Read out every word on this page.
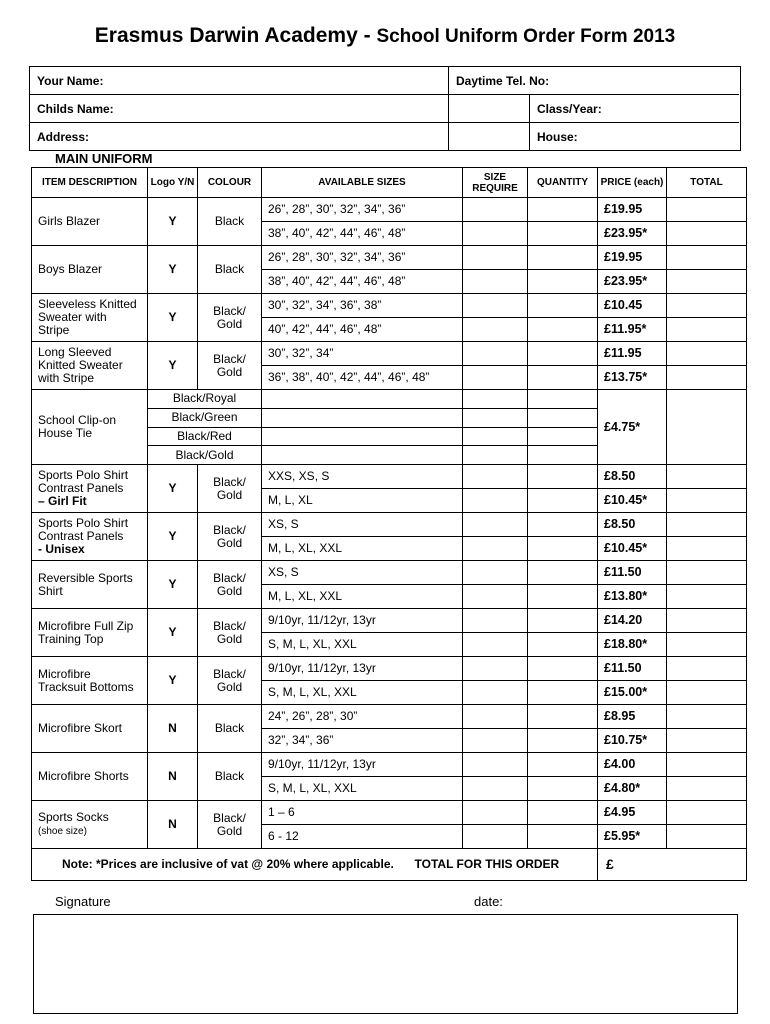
Erasmus Darwin Academy - School Uniform Order Form 2013
Your Name:	Daytime Tel. No:
Childs Name:	Class/Year:
Address:	House:
MAIN UNIFORM
ITEM DESCRIPTION	Logo Y/N	COLOUR	AVAILABLE SIZES	SIZE REQUIRE	QUANTITY	PRICE (each)	TOTAL
Girls Blazer	Y	Black	26”, 28”, 30”, 32”, 34”, 36”			£19.95	
			38”, 40”, 42”, 44”, 46”, 48”			£23.95*	
Boys Blazer	Y	Black	26”, 28”, 30”, 32”, 34”, 36”			£19.95	
			38”, 40”, 42”, 44”, 46”, 48”			£23.95*	
Sleeveless Knitted Sweater with Stripe	Y	Black/ Gold	30”, 32”, 34”, 36”, 38”			£10.45	
			40”, 42”, 44”, 46”, 48”			£11.95*	
Long Sleeved Knitted Sweater with Stripe	Y	Black/ Gold	30”, 32”, 34”			£11.95	
			36”, 38”, 40”, 42”, 44”, 46”, 48”			£13.75*	
School Clip-on House Tie	Black/Royal					£4.75*	
	Black/Green						
	Black/Red						
	Black/Gold						
Sports Polo Shirt Contrast Panels
– Girl Fit	Y	Black/ Gold	XXS, XS, S			£8.50	
			M, L, XL			£10.45*	
Sports Polo Shirt Contrast Panels
- Unisex	Y	Black/ Gold	XS, S			£8.50	
			M, L, XL, XXL			£10.45*	
Reversible Sports Shirt	Y	Black/ Gold	XS, S			£11.50	
			M, L, XL, XXL			£13.80*	
Microfibre Full Zip Training Top	Y	Black/ Gold	9/10yr, 11/12yr, 13yr			£14.20	
			S, M, L, XL, XXL			£18.80*	
Microfibre Tracksuit Bottoms	Y	Black/ Gold	9/10yr, 11/12yr, 13yr			£11.50	
			S, M, L, XL, XXL			£15.00*	
Microfibre Skort	N	Black	24”, 26”, 28”, 30”			£8.95	
			32”, 34”, 36”			£10.75*	
Microfibre Shorts	N	Black	9/10yr, 11/12yr, 13yr			£4.00	
			S, M, L, XL, XXL			£4.80*	
Sports Socks
(shoe size)	N	Black/ Gold	1 – 6			£4.95	
			6 - 12			£5.95*	
Note: *Prices are inclusive of vat @ 20% where applicable. TOTAL FOR THIS ORDER						£	
Signature	date:
